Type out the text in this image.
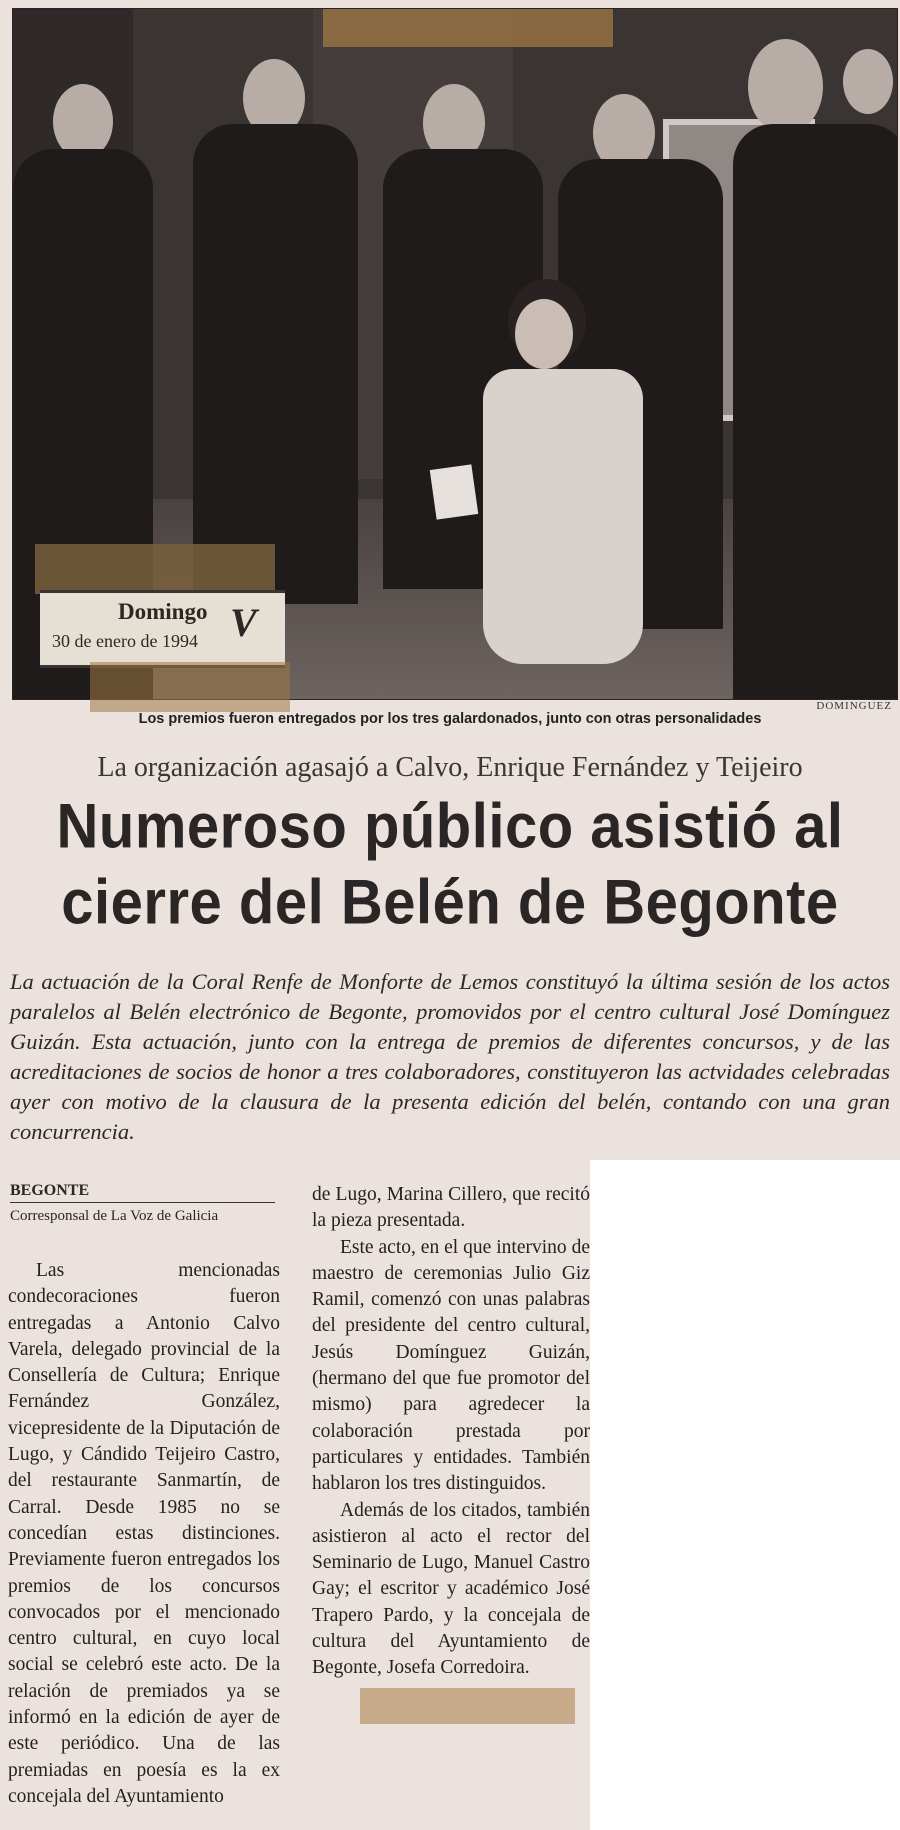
Domingo
30 de enero de 1994 V
DOMINGUEZ
Los premios fueron entregados por los tres galardonados, junto con otras personalidades
La organización agasajó a Calvo, Enrique Fernández y Teijeiro
Numeroso público asistió al
cierre del Belén de Begonte

La actuación de la Coral Renfe de Monforte de Lemos constituyó la última sesión de los actos paralelos al Belén electrónico de Begonte, promovidos por el centro cultural José Domínguez Guizán. Esta actuación, junto con la entrega de premios de diferentes concursos, y de las acreditaciones de socios de honor a tres colaboradores, constituyeron las actvidades celebradas ayer con motivo de la clausura de la presenta edición del belén, contando con una gran concurrencia.

BEGONTE
Corresponsal de La Voz de Galicia

Las mencionadas condecoraciones fueron entregadas a Antonio Calvo Varela, delegado provincial de la Consellería de Cultura; Enrique Fernández González, vicepresidente de la Diputación de Lugo, y Cándido Teijeiro Castro, del restaurante Sanmartín, de Carral. Desde 1985 no se concedían estas distinciones. Previamente fueron entregados los premios de los concursos convocados por el mencionado centro cultural, en cuyo local social se celebró este acto. De la relación de premiados ya se informó en la edición de ayer de este periódico. Una de las premiadas en poesía es la ex concejala del Ayuntamiento

de Lugo, Marina Cillero, que recitó la pieza presentada.

Este acto, en el que intervino de maestro de ceremonias Julio Giz Ramil, comenzó con unas palabras del presidente del centro cultural, Jesús Domínguez Guizán, (hermano del que fue promotor del mismo) para agredecer la colaboración prestada por particulares y entidades. También hablaron los tres distinguidos.

Además de los citados, también asistieron al acto el rector del Seminario de Lugo, Manuel Castro Gay; el escritor y académico José Trapero Pardo, y la concejala de cultura del Ayuntamiento de Begonte, Josefa Corredoira.
